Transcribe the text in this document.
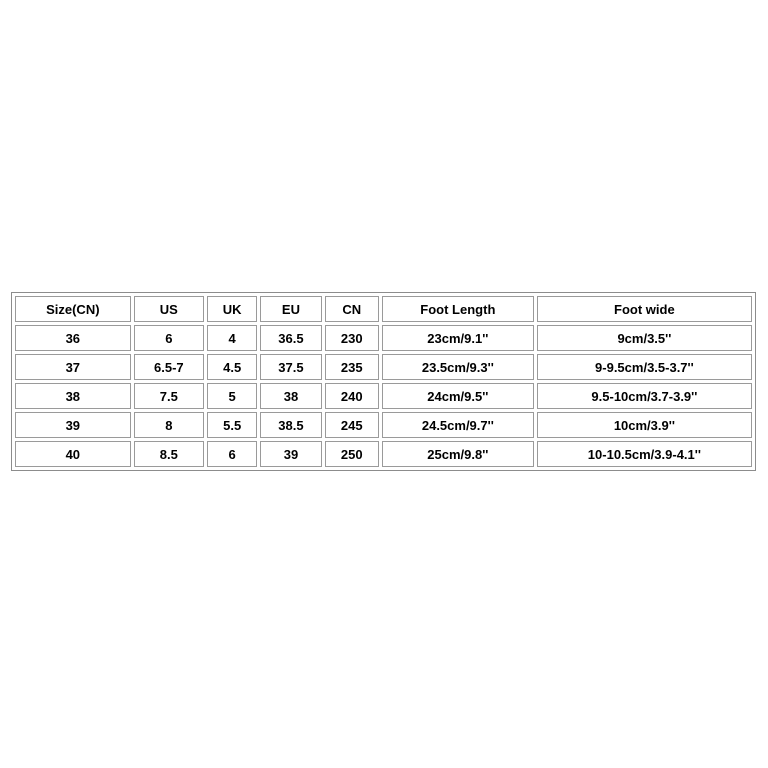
Size(CN)	US	UK	EU	CN	Foot Length	Foot wide
36	6	4	36.5	230	23cm/9.1''	9cm/3.5''
37	6.5-7	4.5	37.5	235	23.5cm/9.3''	9-9.5cm/3.5-3.7''
38	7.5	5	38	240	24cm/9.5''	9.5-10cm/3.7-3.9''
39	8	5.5	38.5	245	24.5cm/9.7''	10cm/3.9''
40	8.5	6	39	250	25cm/9.8''	10-10.5cm/3.9-4.1''
